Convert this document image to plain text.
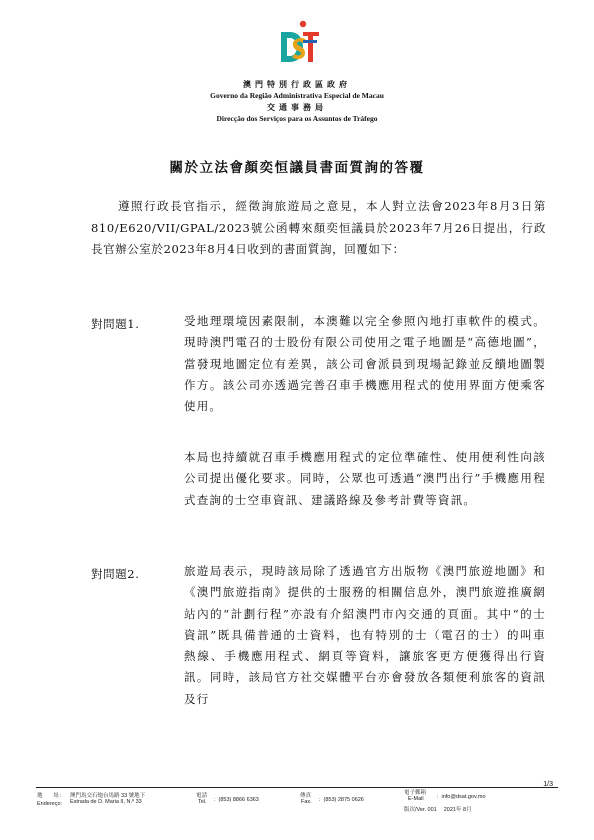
澳門特別行政區政府
Governo da Região Administrativa Especial de Macau
交通事務局
Direcção dos Serviços para os Assuntos de Tráfego
關於立法會顏奕恒議員書面質詢的答覆
遵照行政長官指示，經徵詢旅遊局之意見，本人對立法會2023年8月3日第810/E620/VII/GPAL/2023號公函轉來顏奕恒議員於2023年7月26日提出，行政長官辦公室於2023年8月4日收到的書面質詢，回覆如下：
對問題1.	受地理環境因素限制，本澳難以完全參照內地打車軟件的模式。現時澳門電召的士股份有限公司使用之電子地圖是“高德地圖”，當發現地圖定位有差異，該公司會派員到現場記錄並反饋地圖製作方。該公司亦透過完善召車手機應用程式的使用界面方便乘客使用。
本局也持續就召車手機應用程式的定位準確性、使用便利性向該公司提出優化要求。同時，公眾也可透過“澳門出行”手機應用程式查詢的士空車資訊、建議路線及參考計費等資訊。
對問題2.	旅遊局表示，現時該局除了透過官方出版物《澳門旅遊地圖》和《澳門旅遊指南》提供的士服務的相關信息外，澳門旅遊推廣網站內的“計劃行程”亦設有介紹澳門市內交通的頁面。其中“的士資訊”既具備普通的士資料，也有特別的士（電召的士）的叫車熱線、手機應用程式、網頁等資料，讓旅客更方便獲得出行資訊。同時，該局官方社交媒體平台亦會發放各類便利旅客的資訊及行
1/3
地　　址：
Endereço：
澳門馬交石炮台馬路 33 號地下
Estrada de D. Maria II, N.º 33
電話
Tel. ：(853) 8866 6363
傳真
Fax. ：(853) 2875 0626
電子郵箱
E-Mail ：info@dsat.gov.mo
版次/Ver. 001　 2021年 8月
